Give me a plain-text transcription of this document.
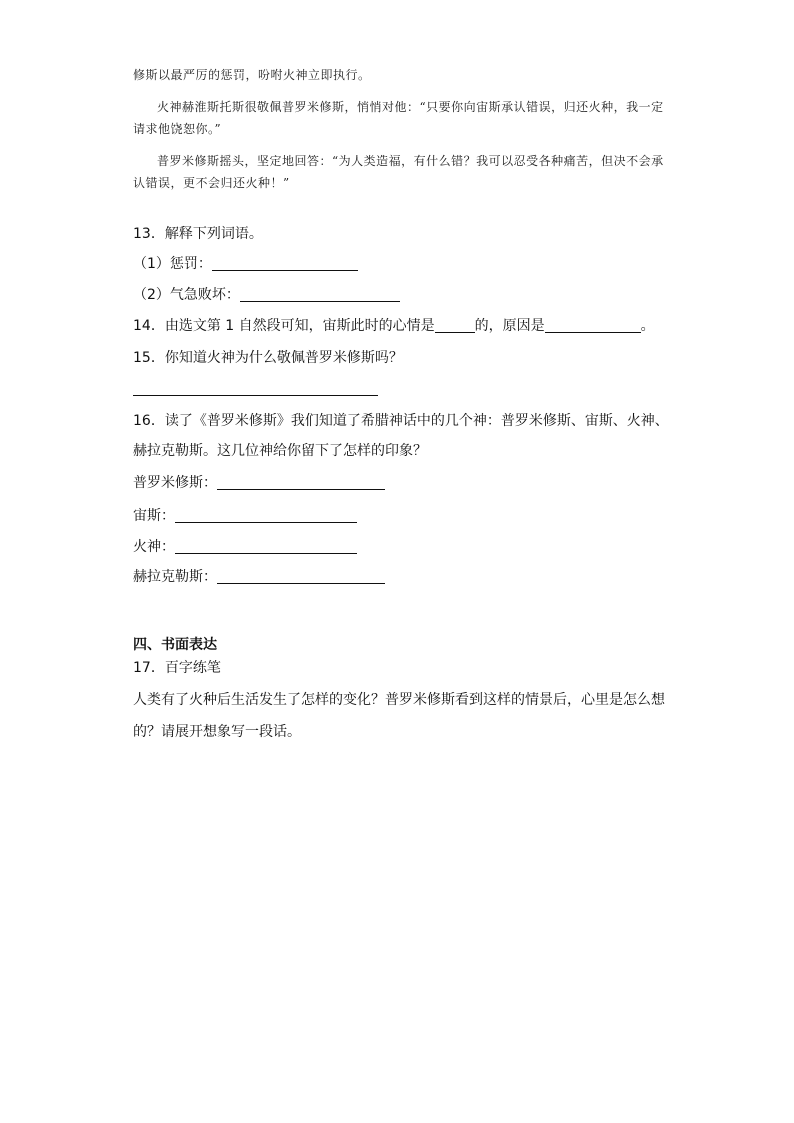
修斯以最严厉的惩罚，吩咐火神立即执行。

火神赫淮斯托斯很敬佩普罗米修斯，悄悄对他：“只要你向宙斯承认错误，归还火种，我一定请求他饶恕你。”

普罗米修斯摇头，坚定地回答：“为人类造福，有什么错？我可以忍受各种痛苦，但决不会承认错误，更不会归还火种！”

13．解释下列词语。
（1）惩罚：
（2）气急败坏：
14．由选文第 1 自然段可知，宙斯此时的心情是	的，原因是	。
15．你知道火神为什么敬佩普罗米修斯吗？
16．读了《普罗米修斯》我们知道了希腊神话中的几个神：普罗米修斯、宙斯、火神、
赫拉克勒斯。这几位神给你留下了怎样的印象？
普罗米修斯：
宙斯：
火神：
赫拉克勒斯：
四、书面表达
17．百字练笔
人类有了火种后生活发生了怎样的变化？普罗米修斯看到这样的情景后，心里是怎么想的？请展开想象写一段话。
